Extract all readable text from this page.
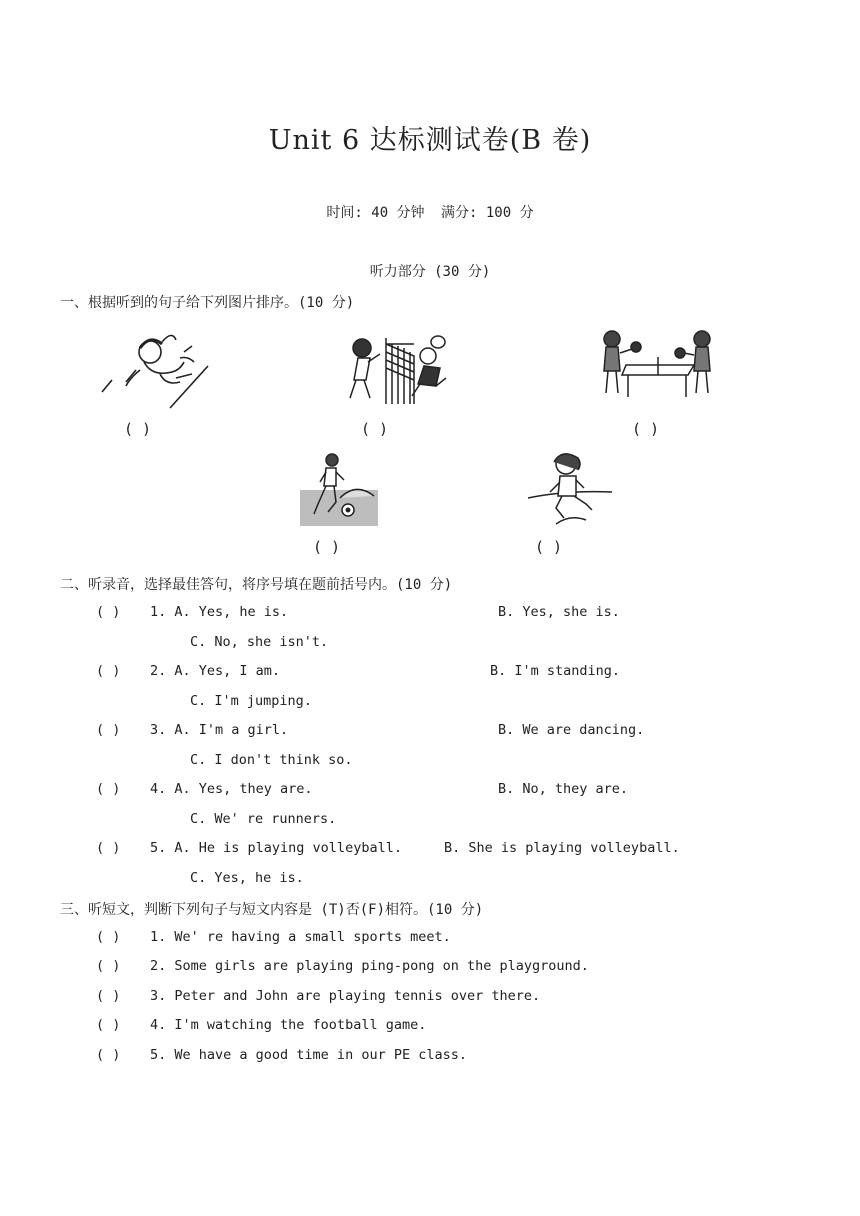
Unit 6 达标测试卷(B 卷)
时间: 40 分钟 满分: 100 分
听力部分 (30 分)
一、根据听到的句子给下列图片排序。(10 分)
( )	( )	( )
( )	( )
二、听录音，选择最佳答句，将序号填在题前括号内。(10 分)
( ) 1. A. Yes, he is.	B. Yes, she is.
C. No, she isn't.
( ) 2. A. Yes, I am.	B. I'm standing.
C. I'm jumping.
( ) 3. A. I'm a girl.	B. We are dancing.
C. I don't think so.
( ) 4. A. Yes, they are.	B. No, they are.
C. We' re runners.
( ) 5. A. He is playing volleyball.	B. She is playing volleyball.
C. Yes, he is.
三、听短文，判断下列句子与短文内容是 (T)否(F)相符。(10 分)
( ) 1. We' re having a small sports meet.
( ) 2. Some girls are playing ping-pong on the playground.
( ) 3. Peter and John are playing tennis over there.
( ) 4. I'm watching the football game.
( ) 5. We have a good time in our PE class.
